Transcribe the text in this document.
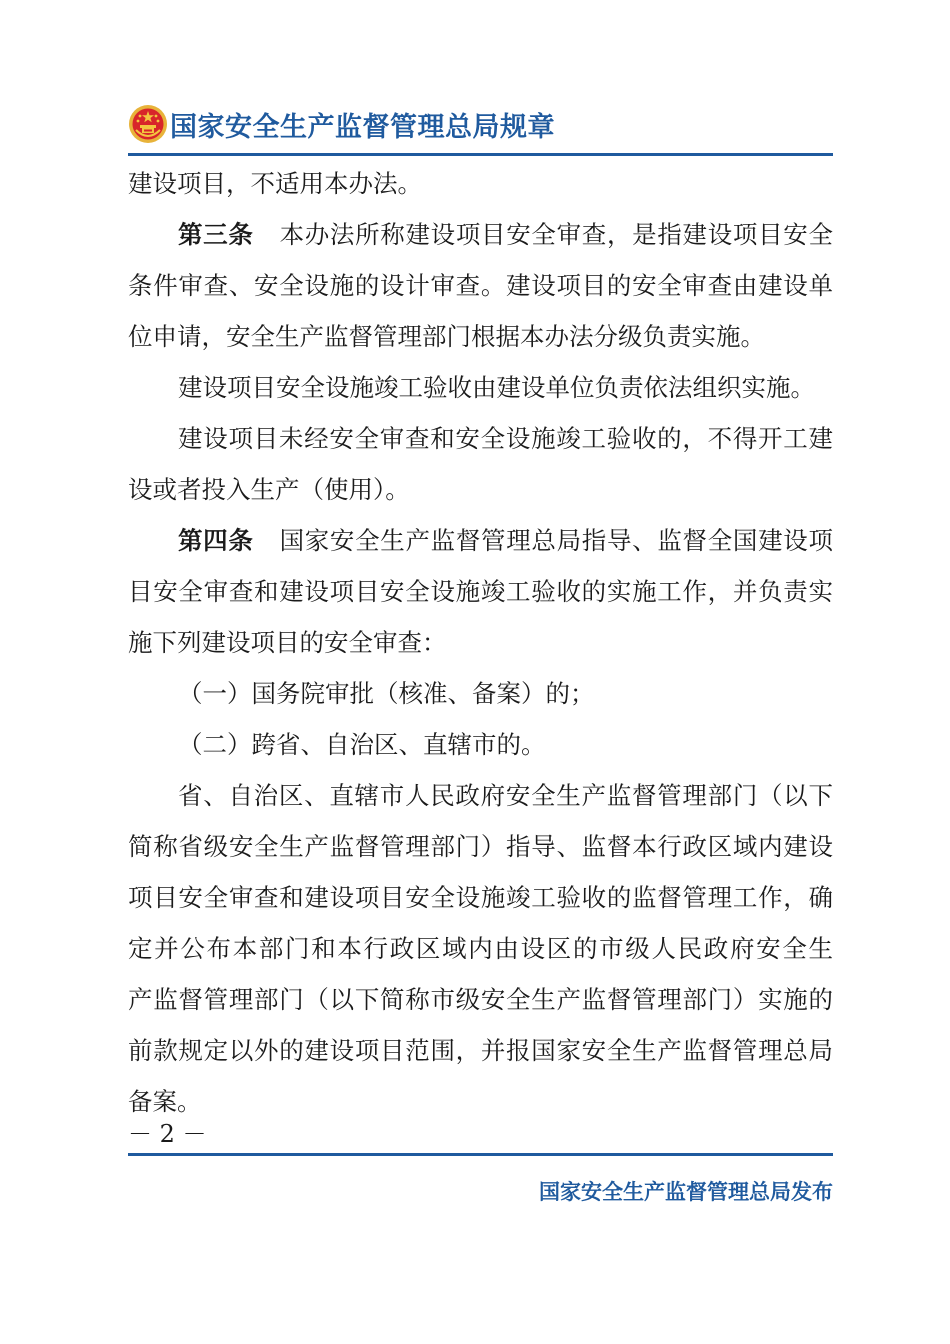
国家安全生产监督管理总局规章
建设项目，不适用本办法。
第三条 本办法所称建设项目安全审查，是指建设项目安全
条件审查、安全设施的设计审查。建设项目的安全审查由建设单
位申请，安全生产监督管理部门根据本办法分级负责实施。
建设项目安全设施竣工验收由建设单位负责依法组织实施。
建设项目未经安全审查和安全设施竣工验收的，不得开工建
设或者投入生产（使用）。
第四条 国家安全生产监督管理总局指导、监督全国建设项
目安全审查和建设项目安全设施竣工验收的实施工作，并负责实
施下列建设项目的安全审查：
（一）国务院审批（核准、备案）的；
（二）跨省、自治区、直辖市的。
省、自治区、直辖市人民政府安全生产监督管理部门（以下
简称省级安全生产监督管理部门）指导、监督本行政区域内建设
项目安全审查和建设项目安全设施竣工验收的监督管理工作，确
定并公布本部门和本行政区域内由设区的市级人民政府安全生
产监督管理部门（以下简称市级安全生产监督管理部门）实施的
前款规定以外的建设项目范围，并报国家安全生产监督管理总局
备案。
－ 2 －
国家安全生产监督管理总局发布
